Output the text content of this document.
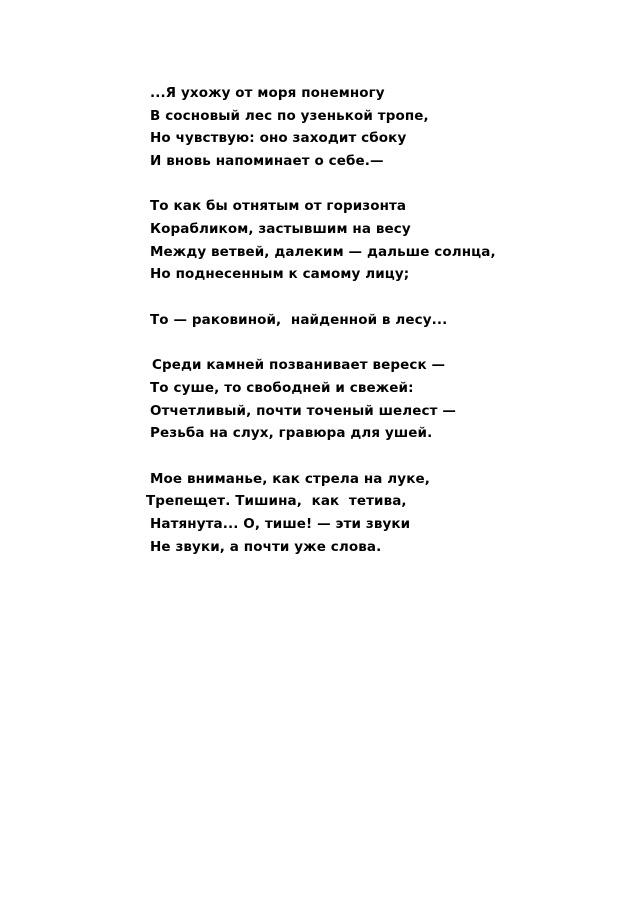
...Я ухожу от моря понемногу
В сосновый лес по узенькой тропе,
Но чувствую: оно заходит сбоку
И вновь напоминает о себе.—
То как бы отнятым от горизонта
Корабликом, застывшим на весу
Между ветвей, далеким — дальше солнца,
Но поднесенным к самому лицу;
То — раковиной,  найденной в лесу...
Среди камней позванивает вереск —
То суше, то свободней и свежей:
Отчетливый, почти точеный шелест —
Резьба на слух, гравюра для ушей.
Мое вниманье, как стрела на луке,
Трепещет. Тишина,  как  тетива,
Натянута... О, тише! — эти звуки
Не звуки, а почти уже слова.
